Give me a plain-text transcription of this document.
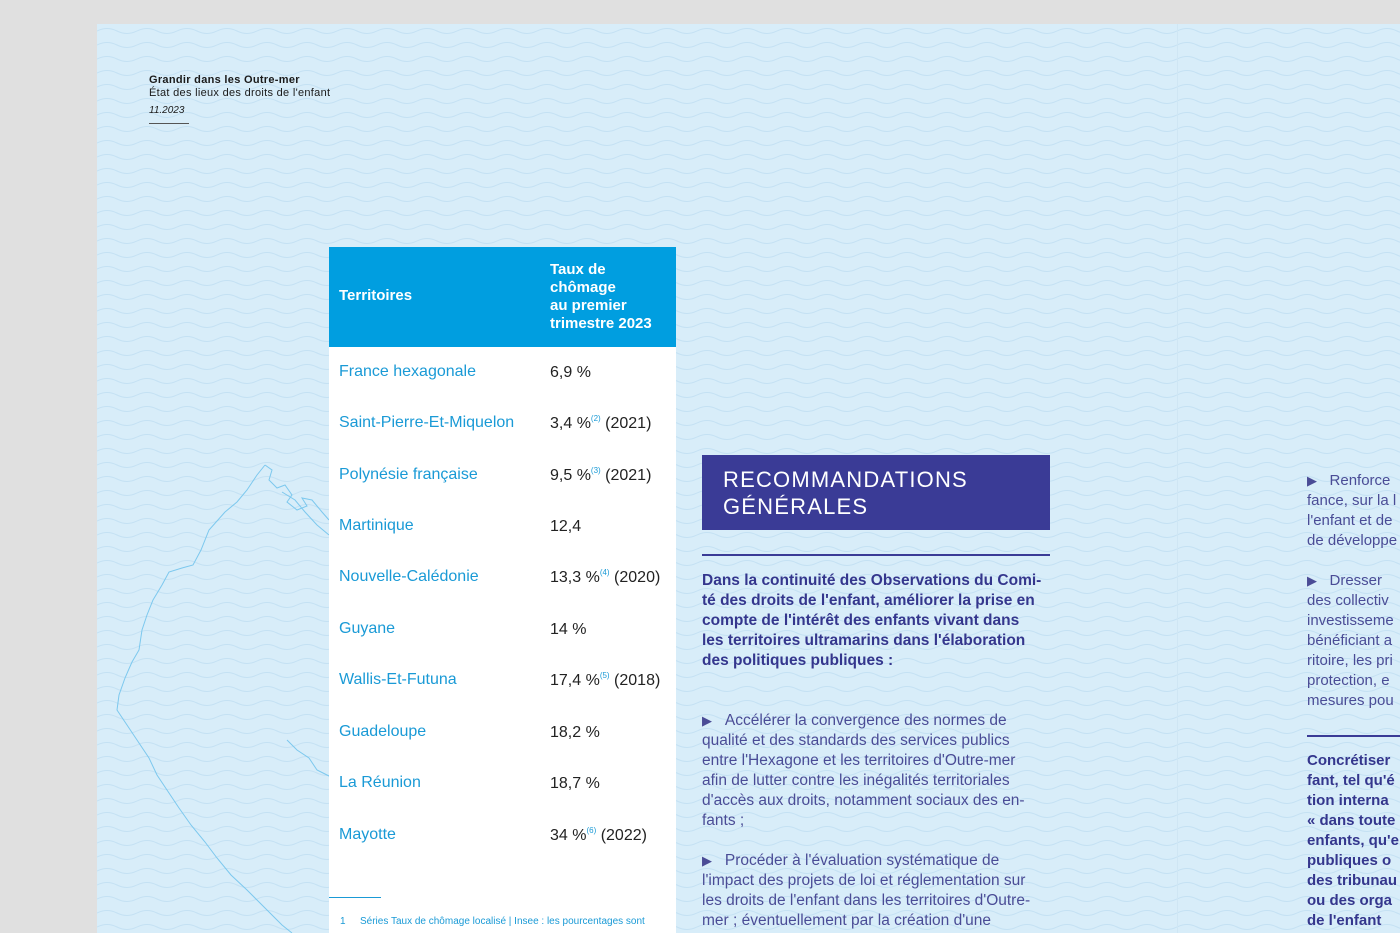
Grandir dans les Outre-mer
État des lieux des droits de l'enfant
11.2023
Territoires
Taux de
chômage
au premier
trimestre 2023
France hexagonale	6,9 %
Saint-Pierre-Et-Miquelon 3,4 %$^{(2)}$ (2021)
Polynésie française	9,5 %$^{(3)}$ (2021)
Martinique	12,4
Nouvelle-Calédonie	13,3 %$^{(4)}$ (2020)
Guyane	14 %
Wallis-Et-Futuna	17,4 %$^{(5)}$ (2018)
Guadeloupe	18,2 %
La Réunion	18,7 %
Mayotte	34 %$^{(6)}$ (2022)
1 Séries Taux de chômage localisé | Insee : les pourcentages sont
RECOMMANDATIONS
GÉNÉRALES
Dans la continuité des Observations du Comi-
té des droits de l'enfant, améliorer la prise en
compte de l'intérêt des enfants vivant dans
les territoires ultramarins dans l'élaboration
des politiques publiques :
▶ Accélérer la convergence des normes de
qualité et des standards des services publics
entre l'Hexagone et les territoires d'Outre-mer
afin de lutter contre les inégalités territoriales
d'accès aux droits, notamment sociaux des en-
fants ;
▶ Procéder à l'évaluation systématique de
l'impact des projets de loi et réglementation sur
les droits de l'enfant dans les territoires d'Outre-
mer ; éventuellement par la création d'une
▶ Renforce
fance, sur la l
l'enfant et de
de développe
▶ Dresser
des collectiv
investisseme
bénéficiant a
ritoire, les pri
protection, e
mesures pou
Concrétiser
fant, tel qu'é
tion interna
« dans toute
enfants, qu'e
publiques o
des tribunau
ou des orga
de l'enfant
